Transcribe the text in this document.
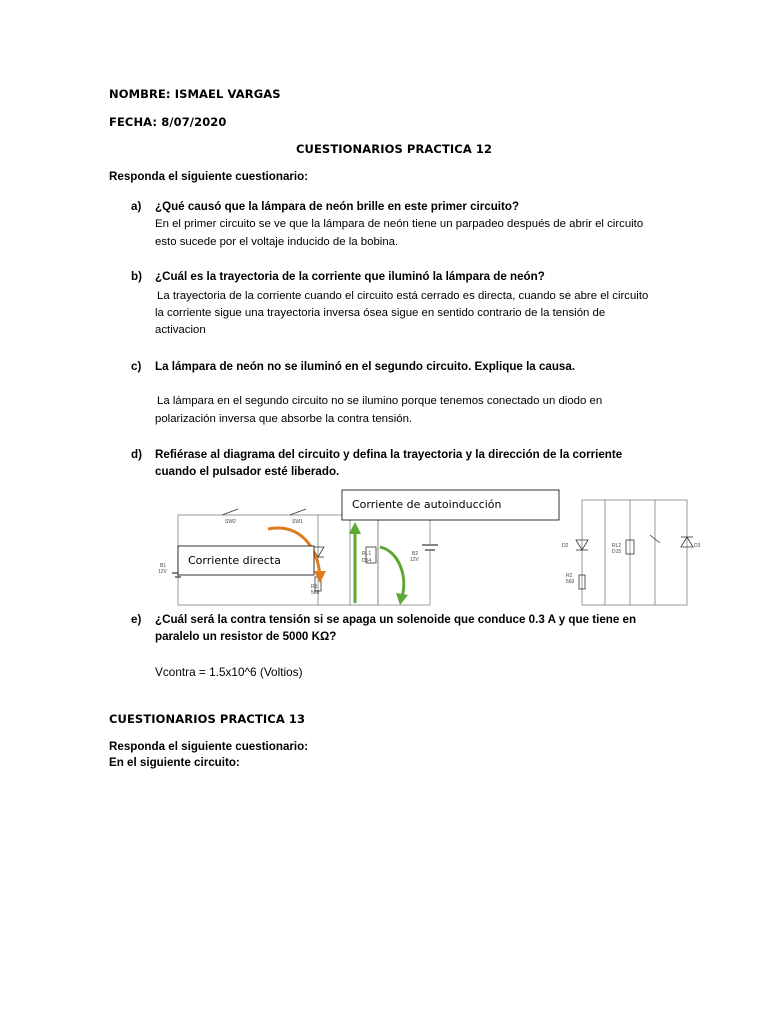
NOMBRE: ISMAEL VARGAS
FECHA: 8/07/2020
CUESTIONARIOS PRACTICA 12
Responda el siguiente cuestionario:
a) ¿Qué causó que la lámpara de neón brille en este primer circuito?
En el primer circuito se ve que la lámpara de neón tiene un parpadeo después de abrir el circuito
esto sucede por el voltaje inducido de la bobina.
b) ¿Cuál es la trayectoria de la corriente que iluminó la lámpara de neón?
La trayectoria de la corriente cuando el circuito está cerrado es directa, cuando se abre el circuito
la corriente sigue una trayectoria inversa ósea sigue en sentido contrario de la tensión de
activacion
c) La lámpara de neón no se iluminó en el segundo circuito. Explique la causa.
La lámpara en el segundo circuito no se ilumino porque tenemos conectado un diodo en
polarización inversa que absorbe la contra tensión.
d) Refiérase al diagrama del circuito y defina la trayectoria y la dirección de la corriente
cuando el pulsador esté liberado.
SW2	SW1
B1
12V
RL1
D14
R1
560
B2
12V
D2	RL2
D15
R2
560
D3
Corriente de autoinducción
Corriente directa
e) ¿Cuál será la contra tensión si se apaga un solenoide que conduce 0.3 A y que tiene en
paralelo un resistor de 5000 KΩ?
Vcontra = 1.5x10^6 (Voltios)
CUESTIONARIOS PRACTICA 13
Responda el siguiente cuestionario:
En el siguiente circuito:
